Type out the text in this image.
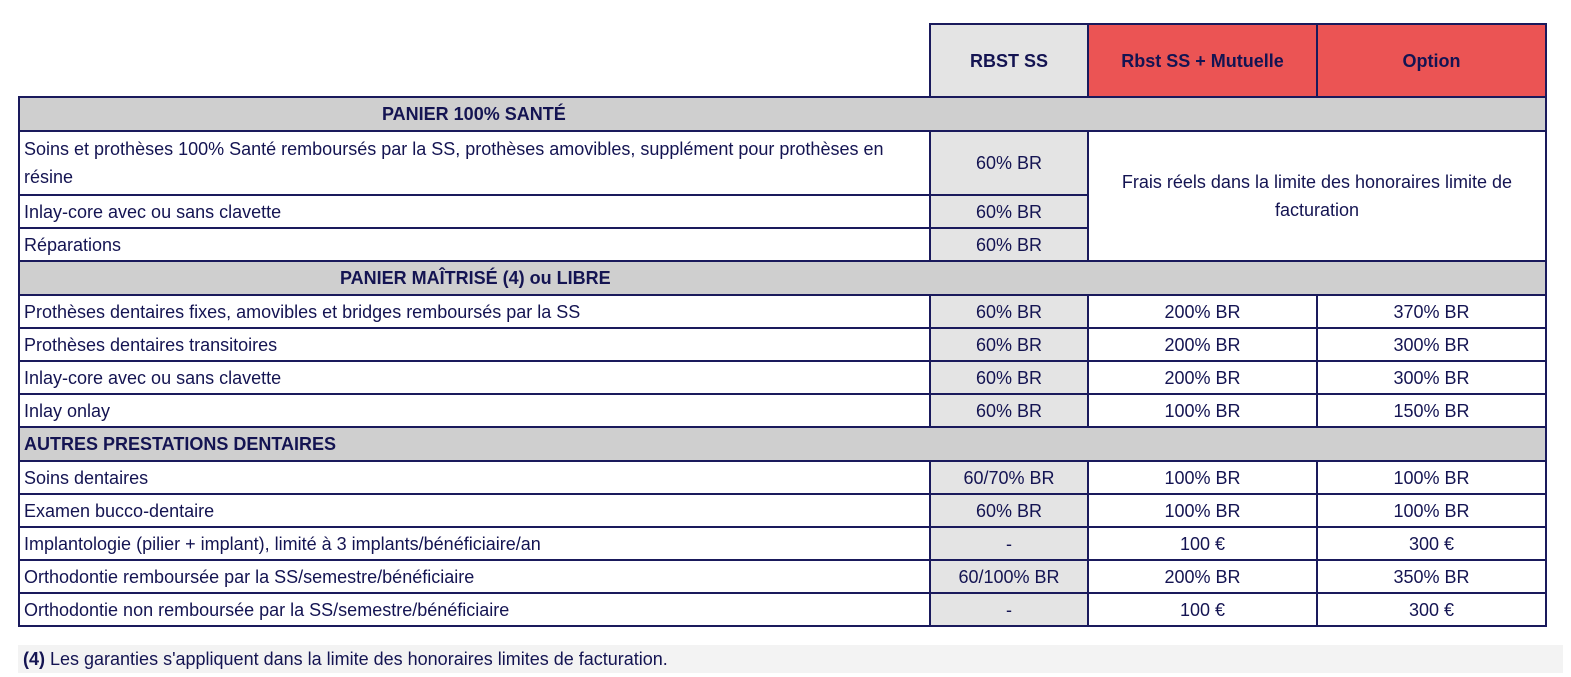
	RBST SS	Rbst SS + Mutuelle	Option
PANIER 100% SANTÉ			
Soins et prothèses 100% Santé remboursés par la SS, prothèses amovibles, supplément pour prothèses en résine	60% BR	Frais réels dans la limite des honoraires limite de facturation	
Inlay-core avec ou sans clavette	60% BR		
Réparations	60% BR		
PANIER MAÎTRISÉ (4) ou LIBRE			
Prothèses dentaires fixes, amovibles et bridges remboursés par la SS	60% BR	200% BR	370% BR
Prothèses dentaires transitoires	60% BR	200% BR	300% BR
Inlay-core avec ou sans clavette	60% BR	200% BR	300% BR
Inlay onlay	60% BR	100% BR	150% BR
AUTRES PRESTATIONS DENTAIRES			
Soins dentaires	60/70% BR	100% BR	100% BR
Examen bucco-dentaire	60% BR	100% BR	100% BR
Implantologie (pilier + implant), limité à 3 implants/bénéficiaire/an	-	100 €	300 €
Orthodontie remboursée par la SS/semestre/bénéficiaire	60/100% BR	200% BR	350% BR
Orthodontie non remboursée par la SS/semestre/bénéficiaire	-	100 €	300 €
(4) Les garanties s'appliquent dans la limite des honoraires limites de facturation.
